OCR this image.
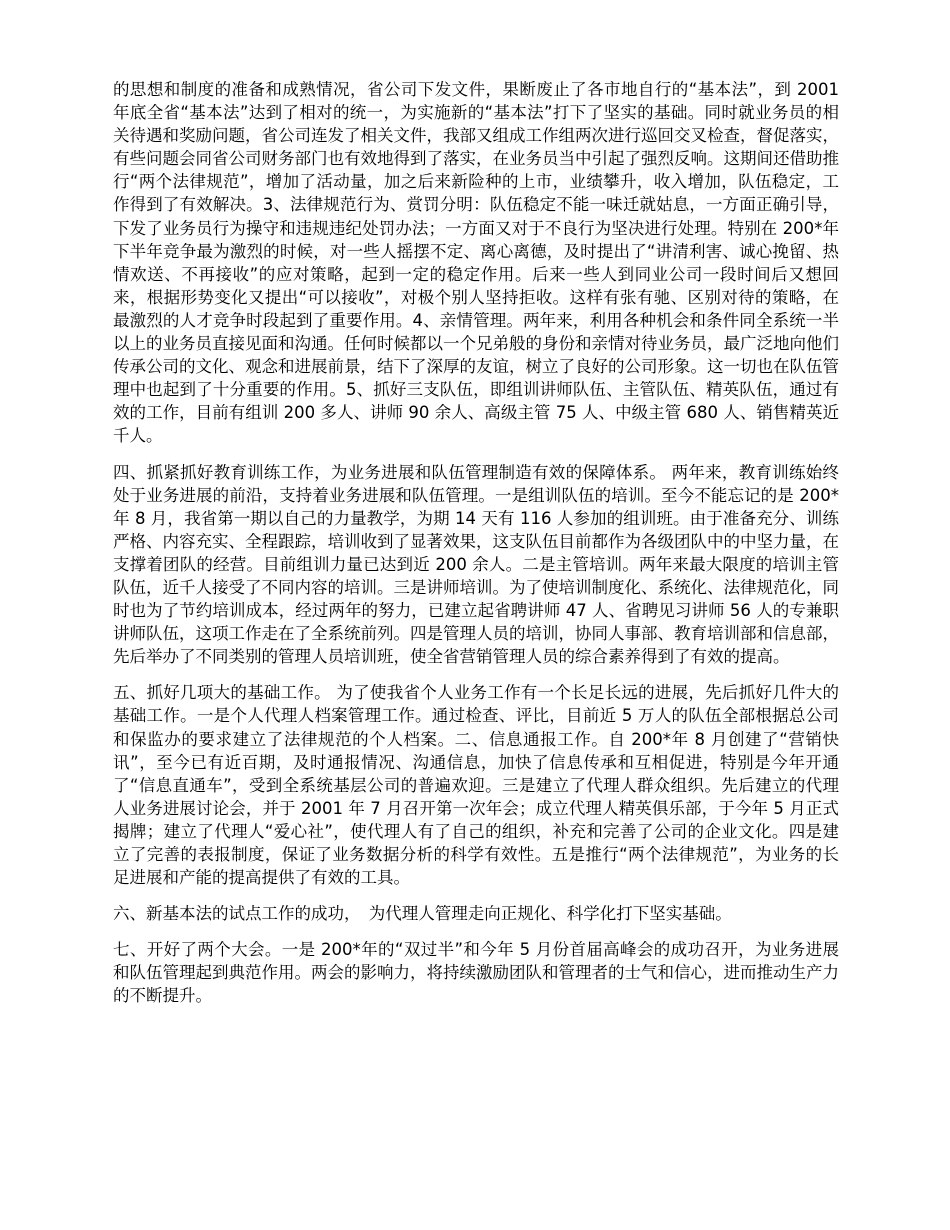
的思想和制度的准备和成熟情况，省公司下发文件，果断废止了各市地自行的“基本法”，到 2001 年底全省“基本法”达到了相对的统一，为实施新的“基本法”打下了坚实的基础。同时就业务员的相关待遇和奖励问题，省公司连发了相关文件，我部又组成工作组两次进行巡回交叉检查，督促落实，有些问题会同省公司财务部门也有效地得到了落实，在业务员当中引起了强烈反响。这期间还借助推行“两个法律规范”，增加了活动量，加之后来新险种的上市，业绩攀升，收入增加，队伍稳定，工作得到了有效解决。3、法律规范行为、赏罚分明：队伍稳定不能一味迁就姑息，一方面正确引导，下发了业务员行为操守和违规违纪处罚办法；一方面又对于不良行为坚决进行处理。特别在 200*年下半年竞争最为激烈的时候，对一些人摇摆不定、离心离德，及时提出了“讲清利害、诚心挽留、热情欢送、不再接收”的应对策略，起到一定的稳定作用。后来一些人到同业公司一段时间后又想回来，根据形势变化又提出“可以接收”，对极个别人坚持拒收。这样有张有驰、区别对待的策略，在最激烈的人才竞争时段起到了重要作用。4、亲情管理。两年来，利用各种机会和条件同全系统一半以上的业务员直接见面和沟通。任何时候都以一个兄弟般的身份和亲情对待业务员，最广泛地向他们传承公司的文化、观念和进展前景，结下了深厚的友谊，树立了良好的公司形象。这一切也在队伍管理中也起到了十分重要的作用。5、抓好三支队伍，即组训讲师队伍、主管队伍、精英队伍，通过有效的工作，目前有组训 200 多人、讲师 90 余人、高级主管 75 人、中级主管 680 人、销售精英近千人。

四、抓紧抓好教育训练工作，为业务进展和队伍管理制造有效的保障体系。 两年来，教育训练始终处于业务进展的前沿，支持着业务进展和队伍管理。一是组训队伍的培训。至今不能忘记的是 200*年 8 月，我省第一期以自己的力量教学，为期 14 天有 116 人参加的组训班。由于准备充分、训练严格、内容充实、全程跟踪，培训收到了显著效果，这支队伍目前都作为各级团队中的中坚力量，在支撑着团队的经营。目前组训力量已达到近 200 余人。二是主管培训。两年来最大限度的培训主管队伍，近千人接受了不同内容的培训。三是讲师培训。为了使培训制度化、系统化、法律规范化，同时也为了节约培训成本，经过两年的努力，已建立起省聘讲师 47 人、省聘见习讲师 56 人的专兼职讲师队伍，这项工作走在了全系统前列。四是管理人员的培训，协同人事部、教育培训部和信息部，先后举办了不同类别的管理人员培训班，使全省营销管理人员的综合素养得到了有效的提高。

五、抓好几项大的基础工作。 为了使我省个人业务工作有一个长足长远的进展，先后抓好几件大的基础工作。一是个人代理人档案管理工作。通过检查、评比，目前近 5 万人的队伍全部根据总公司和保监办的要求建立了法律规范的个人档案。二、信息通报工作。自 200*年 8 月创建了“营销快讯”，至今已有近百期，及时通报情况、沟通信息，加快了信息传承和互相促进，特别是今年开通了“信息直通车”，受到全系统基层公司的普遍欢迎。三是建立了代理人群众组织。先后建立的代理人业务进展讨论会，并于 2001 年 7 月召开第一次年会；成立代理人精英俱乐部，于今年 5 月正式揭牌；建立了代理人“爱心社”，使代理人有了自己的组织，补充和完善了公司的企业文化。四是建立了完善的表报制度，保证了业务数据分析的科学有效性。五是推行“两个法律规范”，为业务的长足进展和产能的提高提供了有效的工具。

六、新基本法的试点工作的成功，　为代理人管理走向正规化、科学化打下坚实基础。

七、开好了两个大会。一是 200*年的“双过半”和今年 5 月份首届高峰会的成功召开，为业务进展和队伍管理起到典范作用。两会的影响力，将持续激励团队和管理者的士气和信心，进而推动生产力的不断提升。
